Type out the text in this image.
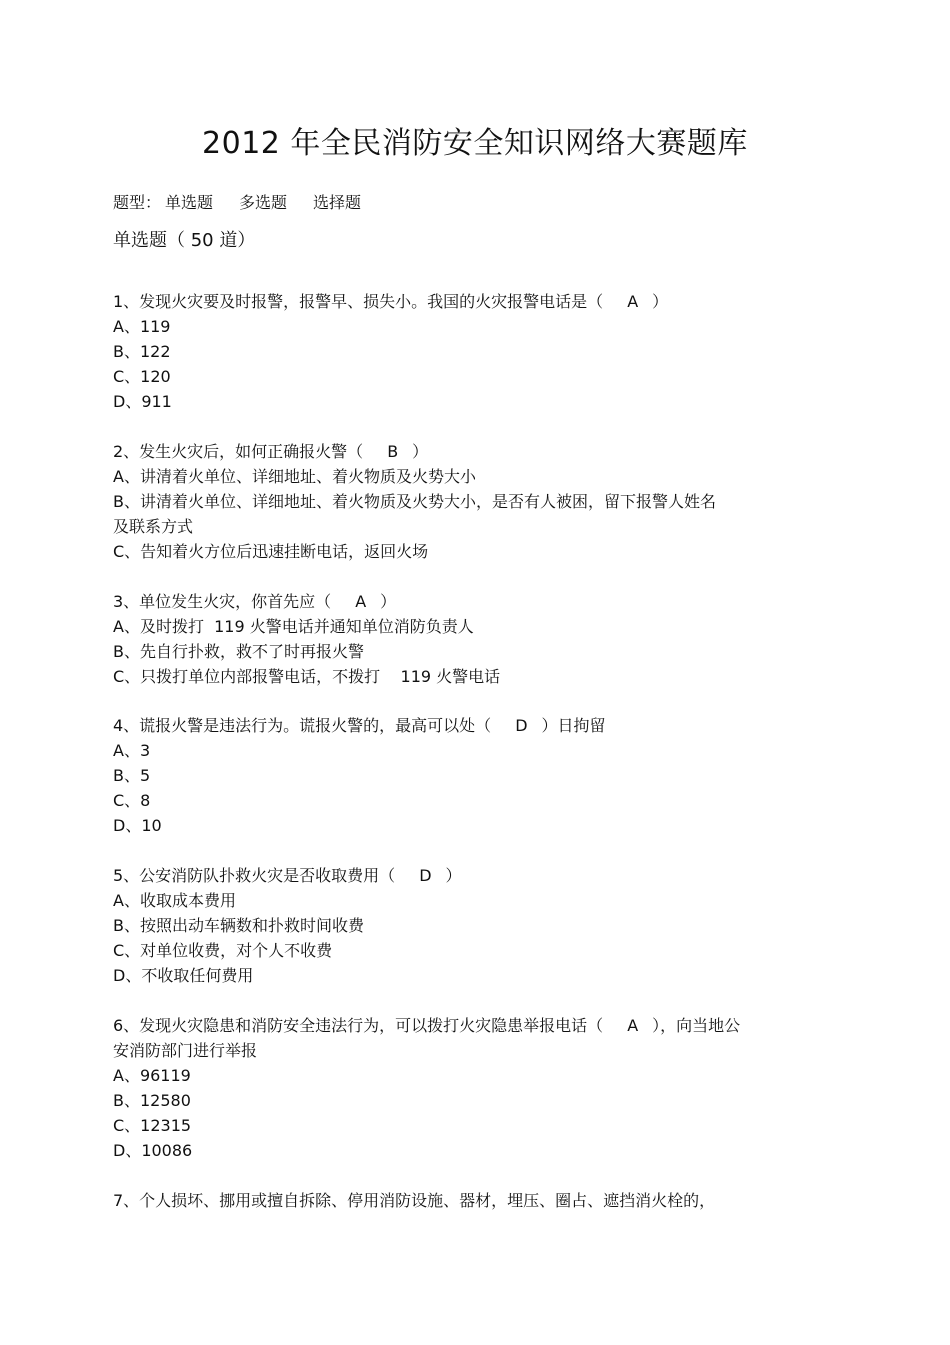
2012 年全民消防安全知识网络大赛题库
题型： 单选题 多选题 选择题
单选题（ 50 道）
1、发现火灾要及时报警，报警早、损失小。我国的火灾报警电话是（ A ）
A、119
B、122
C、120
D、911
2、发生火灾后，如何正确报火警（ B ）
A、讲清着火单位、详细地址、着火物质及火势大小
B、讲清着火单位、详细地址、着火物质及火势大小，是否有人被困，留下报警人姓名
及联系方式
C、告知着火方位后迅速挂断电话，返回火场
3、单位发生火灾，你首先应（ A ）
A、及时拨打  119 火警电话并通知单位消防负责人
B、先自行扑救，救不了时再报火警
C、只拨打单位内部报警电话，不拨打    119 火警电话
4、谎报火警是违法行为。谎报火警的，最高可以处（ D ）日拘留
A、3
B、5
C、8
D、10
5、公安消防队扑救火灾是否收取费用（ D ）
A、收取成本费用
B、按照出动车辆数和扑救时间收费
C、对单位收费，对个人不收费
D、不收取任何费用
6、发现火灾隐患和消防安全违法行为，可以拨打火灾隐患举报电话（ A ），向当地公
安消防部门进行举报
A、96119
B、12580
C、12315
D、10086
7、个人损坏、挪用或擅自拆除、停用消防设施、器材，埋压、圈占、遮挡消火栓的，
